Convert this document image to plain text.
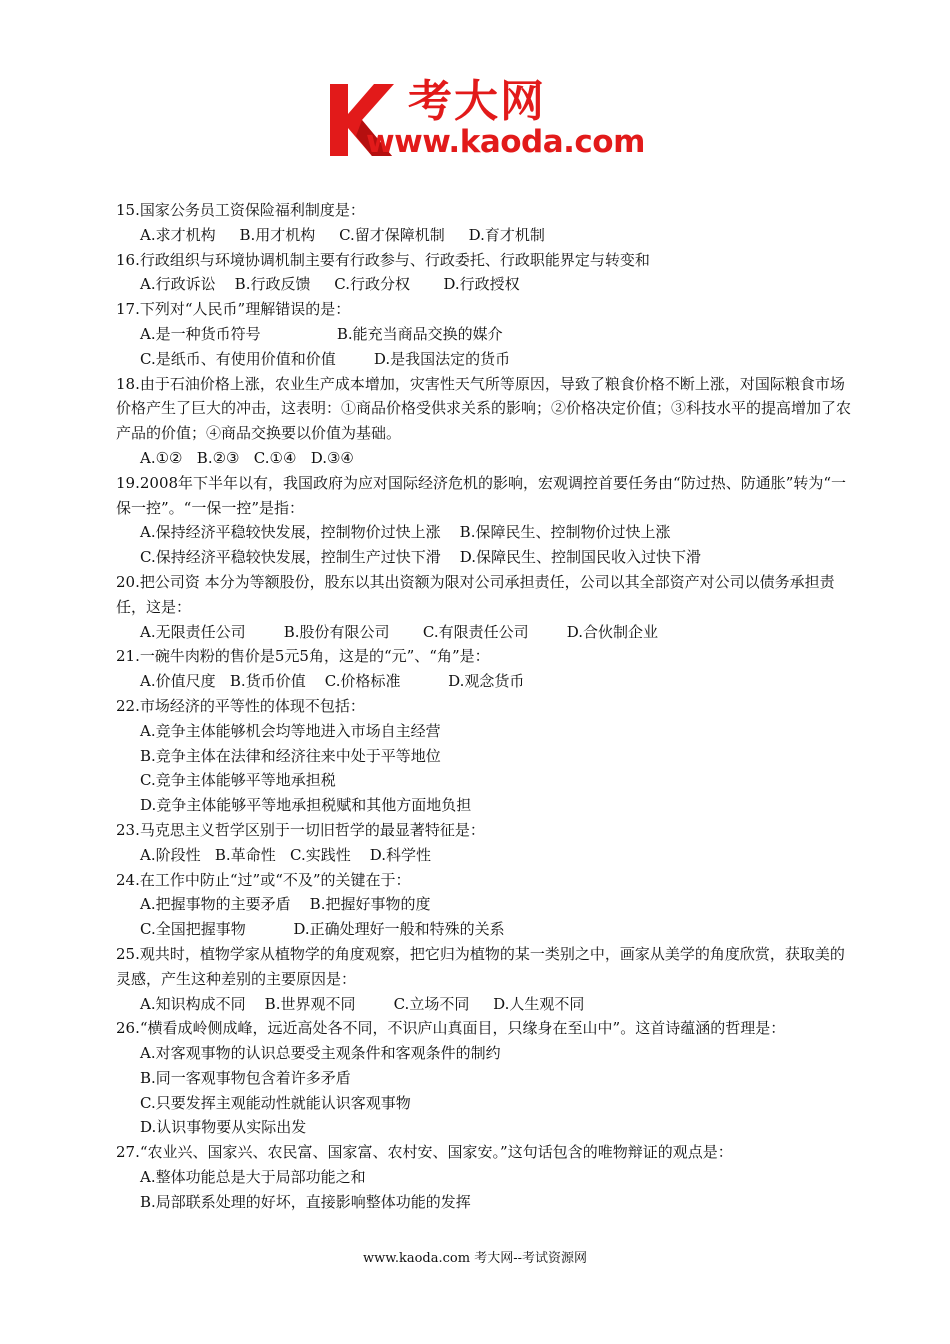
考大网
www.kaoda.com

15.国家公务员工资保险福利制度是：

A.求才机构     B.用才机构     C.留才保障机制     D.育才机制

16.行政组织与环境协调机制主要有行政参与、行政委托、行政职能界定与转变和

A.行政诉讼    B.行政反馈     C.行政分权       D.行政授权

17.下列对“人民币”理解错误的是：

A.是一种货币符号                B.能充当商品交换的媒介

C.是纸币、有使用价值和价值        D.是我国法定的货币

18.由于石油价格上涨，农业生产成本增加，灾害性天气所等原因，导致了粮食价格不断上涨，对国际粮食市场价格产生了巨大的冲击，这表明：①商品价格受供求关系的影响；②价格决定价值；③科技水平的提高增加了农产品的价值；④商品交换要以价值为基础。

A.①②   B.②③   C.①④   D.③④

19.2008年下半年以有，我国政府为应对国际经济危机的影响，宏观调控首要任务由“防过热、防通胀”转为“一保一控”。“一保一控”是指：

A.保持经济平稳较快发展，控制物价过快上涨    B.保障民生、控制物价过快上涨

C.保持经济平稳较快发展，控制生产过快下滑    D.保障民生、控制国民收入过快下滑

20.把公司资 本分为等额股份，股东以其出资额为限对公司承担责任，公司以其全部资产对公司以债务承担责任，这是：

A.无限责任公司        B.股份有限公司       C.有限责任公司        D.合伙制企业

21.一碗牛肉粉的售价是5元5角，这是的“元”、“角”是：

A.价值尺度   B.货币价值    C.价格标准          D.观念货币

22.市场经济的平等性的体现不包括：

A.竞争主体能够机会均等地进入市场自主经营

B.竞争主体在法律和经济往来中处于平等地位

C.竞争主体能够平等地承担税

D.竞争主体能够平等地承担税赋和其他方面地负担

23.马克思主义哲学区别于一切旧哲学的最显著特征是：

A.阶段性   B.革命性   C.实践性    D.科学性

24.在工作中防止“过”或“不及”的关键在于：

A.把握事物的主要矛盾    B.把握好事物的度

C.全国把握事物          D.正确处理好一般和特殊的关系

25.观共时，植物学家从植物学的角度观察，把它归为植物的某一类别之中，画家从美学的角度欣赏，获取美的灵感，产生这种差别的主要原因是：

A.知识构成不同    B.世界观不同        C.立场不同     D.人生观不同

26.“横看成岭侧成峰，远近高处各不同，不识庐山真面目，只缘身在至山中”。这首诗蕴涵的哲理是：

A.对客观事物的认识总要受主观条件和客观条件的制约

B.同一客观事物包含着许多矛盾

C.只要发挥主观能动性就能认识客观事物

D.认识事物要从实际出发

27.“农业兴、国家兴、农民富、国家富、农村安、国家安。”这句话包含的唯物辩证的观点是：

A.整体功能总是大于局部功能之和

B.局部联系处理的好坏，直接影响整体功能的发挥

www.kaoda.com 考大网--考试资源网
